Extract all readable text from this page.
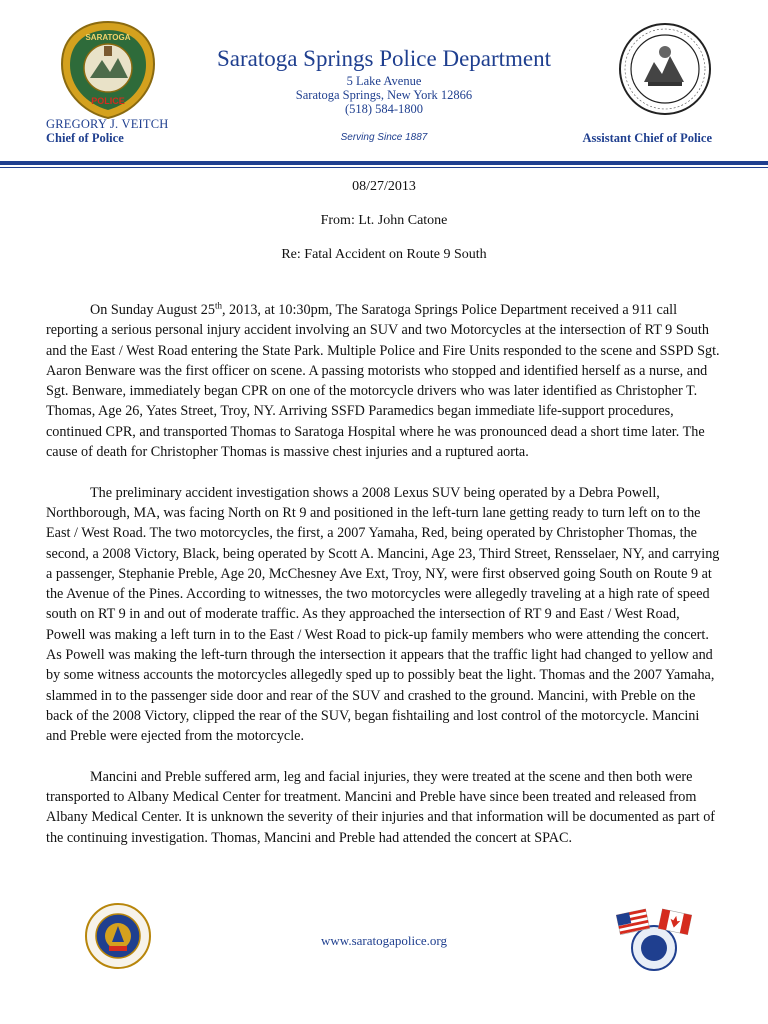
SARATOGA
POLICE
Saratoga Springs Police Department
5 Lake Avenue
Saratoga Springs, New York 12866
(518) 584-1800
GREGORY J. VEITCH
Chief of Police	Serving Since 1887	Assistant Chief of Police
08/27/2013
From: Lt. John Catone
Re: Fatal Accident on Route 9 South

On Sunday August 25th, 2013, at 10:30pm, The Saratoga Springs Police Department received a 911 call reporting a serious personal injury accident involving an SUV and two Motorcycles at the intersection of RT 9 South and the East / West Road entering the State Park. Multiple Police and Fire Units responded to the scene and SSPD Sgt. Aaron Benware was the first officer on scene. A passing motorists who stopped and identified herself as a nurse, and Sgt. Benware, immediately began CPR on one of the motorcycle drivers who was later identified as Christopher T. Thomas, Age 26, Yates Street, Troy, NY. Arriving SSFD Paramedics began immediate life-support procedures, continued CPR, and transported Thomas to Saratoga Hospital where he was pronounced dead a short time later. The cause of death for Christopher Thomas is massive chest injuries and a ruptured aorta.

The preliminary accident investigation shows a 2008 Lexus SUV being operated by a Debra Powell, Northborough, MA, was facing North on Rt 9 and positioned in the left-turn lane getting ready to turn left on to the East / West Road. The two motorcycles, the first, a 2007 Yamaha, Red, being operated by Christopher Thomas, the second, a 2008 Victory, Black, being operated by Scott A. Mancini, Age 23, Third Street, Rensselaer, NY, and carrying a passenger, Stephanie Preble, Age 20, McChesney Ave Ext, Troy, NY, were first observed going South on Route 9 at the Avenue of the Pines. According to witnesses, the two motorcycles were allegedly traveling at a high rate of speed south on RT 9 in and out of moderate traffic. As they approached the intersection of RT 9 and East / West Road, Powell was making a left turn in to the East / West Road to pick-up family members who were attending the concert. As Powell was making the left-turn through the intersection it appears that the traffic light had changed to yellow and by some witness accounts the motorcycles allegedly sped up to possibly beat the light. Thomas and the 2007 Yamaha, slammed in to the passenger side door and rear of the SUV and crashed to the ground. Mancini, with Preble on the back of the 2008 Victory, clipped the rear of the SUV, began fishtailing and lost control of the motorcycle. Mancini and Preble were ejected from the motorcycle.

Mancini and Preble suffered arm, leg and facial injuries, they were treated at the scene and then both were transported to Albany Medical Center for treatment. Mancini and Preble have since been treated and released from Albany Medical Center. It is unknown the severity of their injuries and that information will be documented as part of the continuing investigation. Thomas, Mancini and Preble had attended the concert at SPAC.

www.saratogapolice.org
